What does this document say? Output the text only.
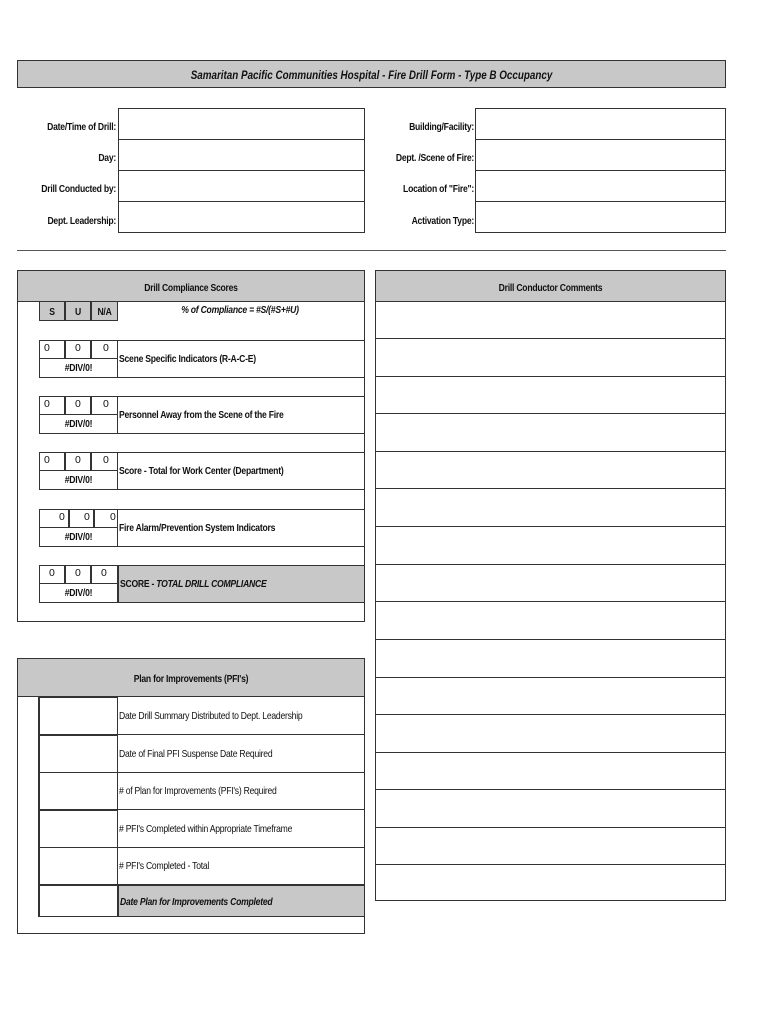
Samaritan Pacific Communities Hospital - Fire Drill Form - Type B Occupancy
Date/Time of Drill:
Day:
Drill Conducted by:
Dept. Leadership:
Building/Facility:
Dept. /Scene of Fire:
Location of "Fire":
Activation Type:
Drill Compliance Scores
S	U	N/A	% of Compliance = #S/(#S+#U)
0 0 0
#DIV/0!
Scene Specific Indicators (R-A-C-E)
0 0 0
#DIV/0!
Personnel Away from the Scene of the Fire
0 0 0
#DIV/0!
Score - Total for Work Center (Department)
0 0 0
#DIV/0!
Fire Alarm/Prevention System Indicators
0 0 0
#DIV/0!
SCORE - TOTAL DRILL COMPLIANCE
Drill Conductor Comments
Plan for Improvements (PFI's)
Date Drill Summary Distributed to Dept. Leadership
Date of Final PFI Suspense Date Required
# of Plan for Improvements (PFI's) Required
# PFI's Completed within Appropriate Timeframe
# PFI's Completed - Total
Date Plan for Improvements Completed
